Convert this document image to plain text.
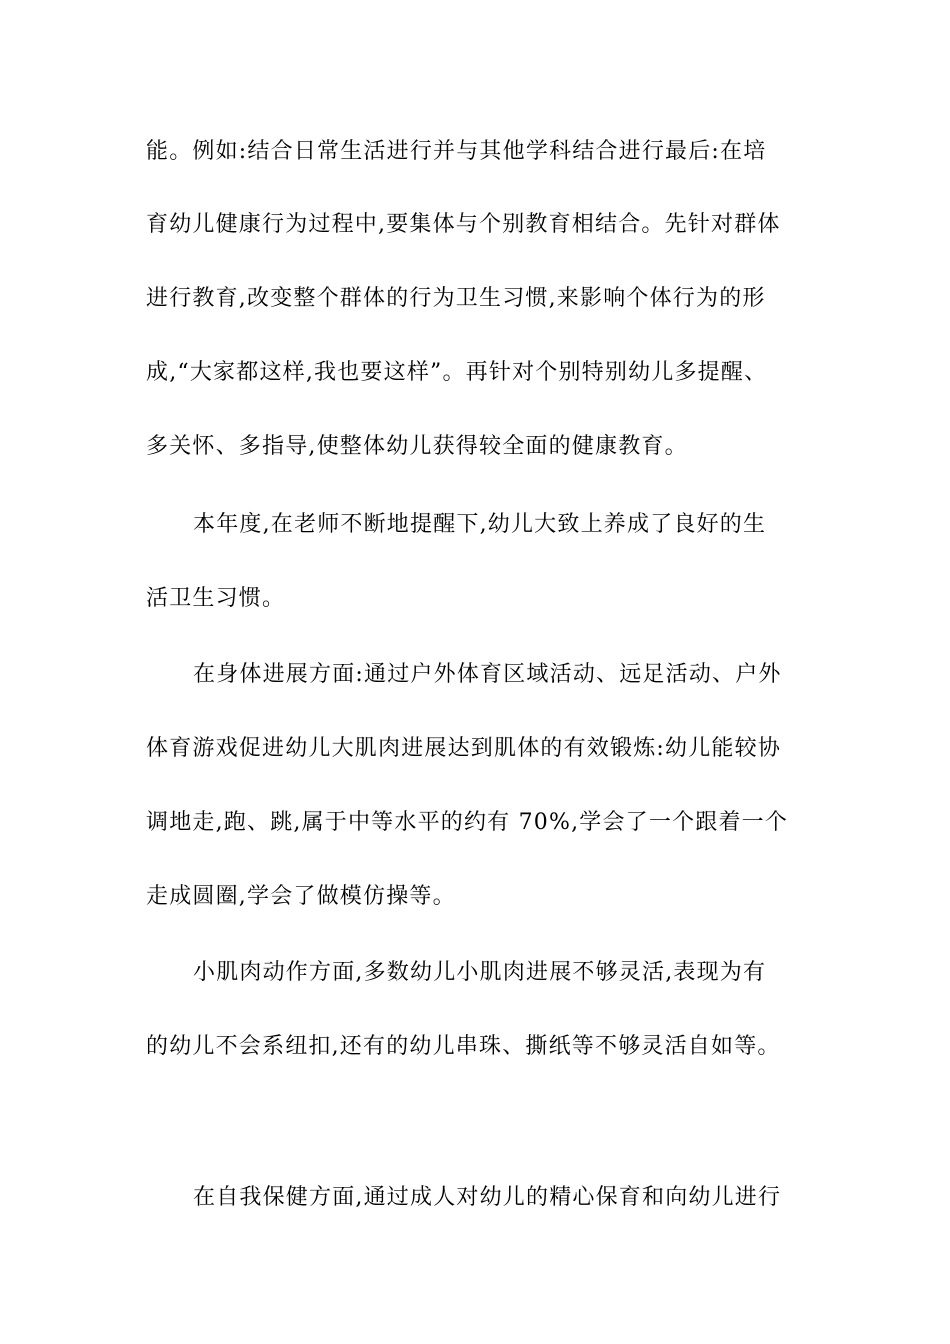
能。例如:结合日常生活进行并与其他学科结合进行最后:在培
育幼儿健康行为过程中,要集体与个别教育相结合。先针对群体
进行教育,改变整个群体的行为卫生习惯,来影响个体行为的形
成,“大家都这样,我也要这样”。再针对个别特别幼儿多提醒、
多关怀、多指导,使整体幼儿获得较全面的健康教育。
本年度,在老师不断地提醒下,幼儿大致上养成了良好的生
活卫生习惯。
在身体进展方面:通过户外体育区域活动、远足活动、户外
体育游戏促进幼儿大肌肉进展达到肌体的有效锻炼:幼儿能较协
调地走,跑、跳,属于中等水平的约有 70%,学会了一个跟着一个
走成圆圈,学会了做模仿操等。
小肌肉动作方面,多数幼儿小肌肉进展不够灵活,表现为有
的幼儿不会系纽扣,还有的幼儿串珠、撕纸等不够灵活自如等。
在自我保健方面,通过成人对幼儿的精心保育和向幼儿进行
